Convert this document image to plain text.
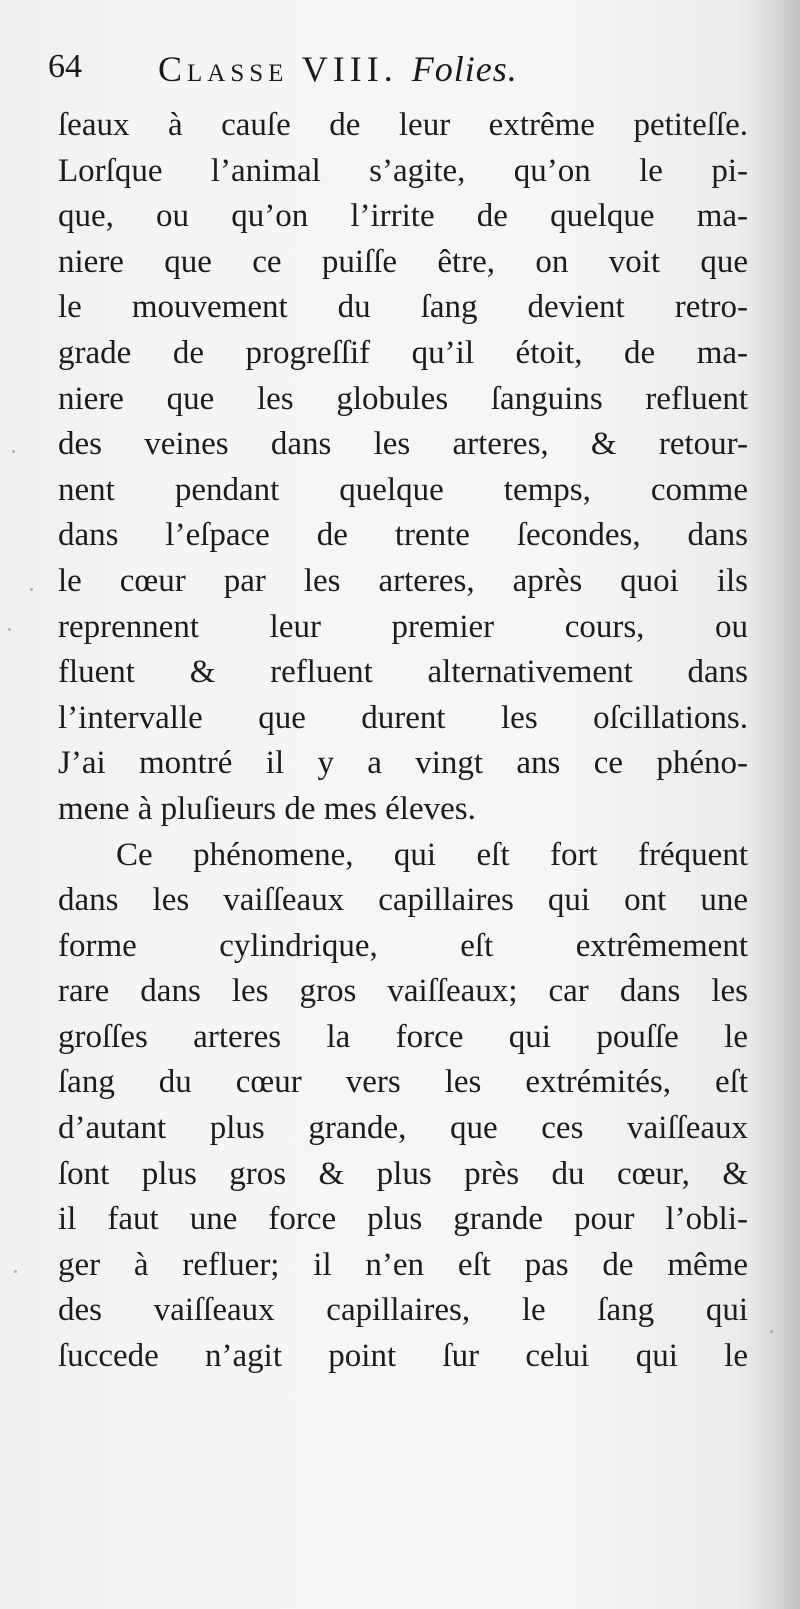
64 Classe VIII. Folies.
ſeaux à cauſe de leur extrême petiteſſe.
Lorſque l’animal s’agite, qu’on le pi-
que, ou qu’on l’irrite de quelque ma-
niere que ce puiſſe être, on voit que
le mouvement du ſang devient retro-
grade de progreſſif qu’il étoit, de ma-
niere que les globules ſanguins refluent
des veines dans les arteres, & retour-
nent pendant quelque temps, comme
dans l’eſpace de trente ſecondes, dans
le cœur par les arteres, après quoi ils
reprennent leur premier cours, ou
fluent & refluent alternativement dans
l’intervalle que durent les oſcillations.
J’ai montré il y a vingt ans ce phéno-
mene à pluſieurs de mes éleves.
Ce phénomene, qui eſt fort fréquent
dans les vaiſſeaux capillaires qui ont une
forme cylindrique, eſt extrêmement
rare dans les gros vaiſſeaux; car dans les
groſſes arteres la force qui pouſſe le
ſang du cœur vers les extrémités, eſt
d’autant plus grande, que ces vaiſſeaux
ſont plus gros & plus près du cœur, &
il faut une force plus grande pour l’obli-
ger à refluer; il n’en eſt pas de même
des vaiſſeaux capillaires, le ſang qui
ſuccede n’agit point ſur celui qui le
